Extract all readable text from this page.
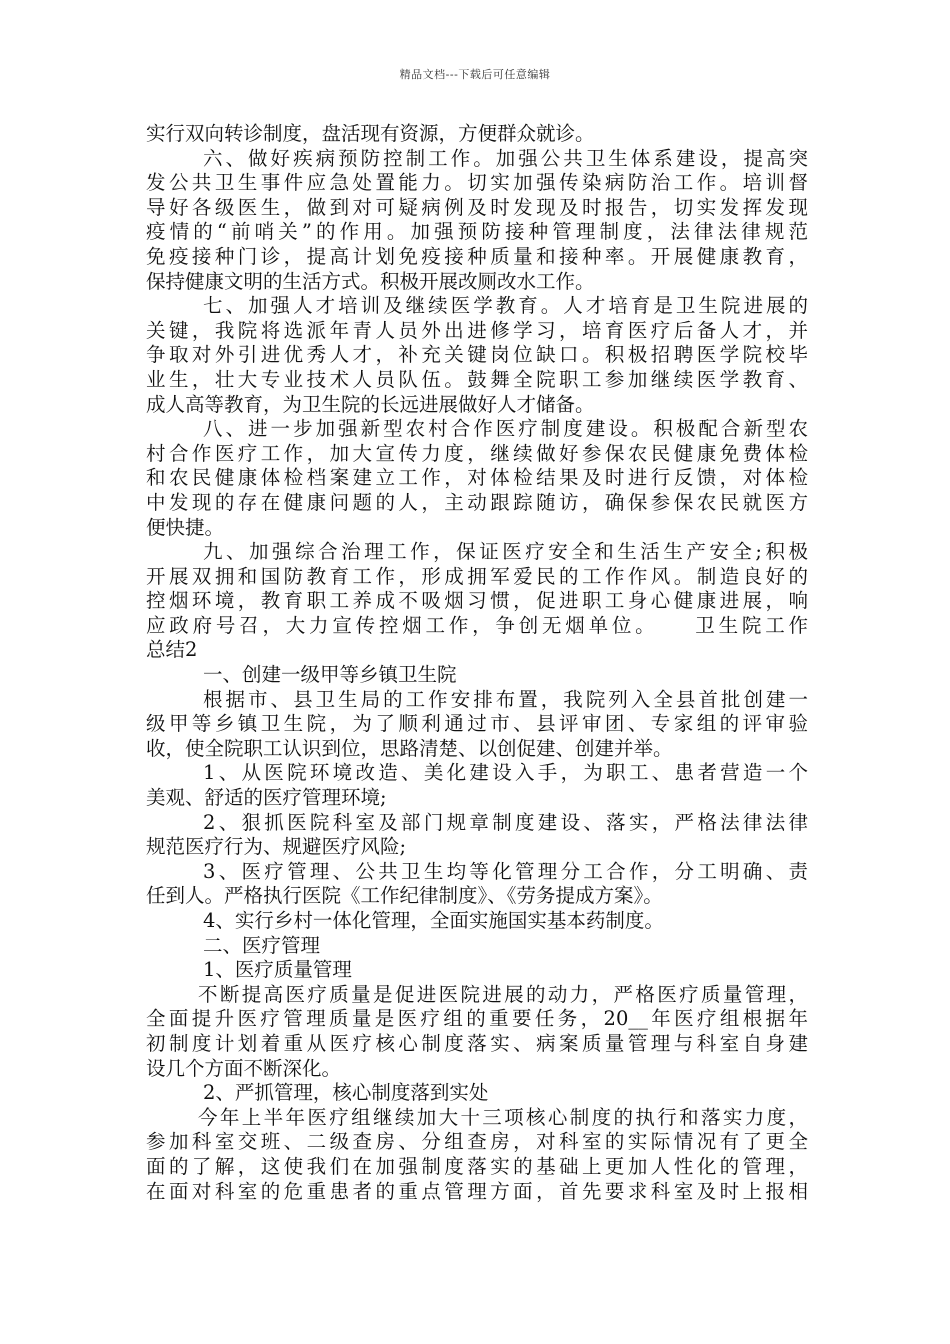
精品文档---下载后可任意编辑
实行双向转诊制度，盘活现有资源，方便群众就诊。
六、做好疾病预防控制工作。加强公共卫生体系建设，提高突
发公共卫生事件应急处置能力。切实加强传染病防治工作。培训督
导好各级医生，做到对可疑病例及时发现及时报告，切实发挥发现
疫情的“前哨关”的作用。加强预防接种管理制度，法律法律规范
免疫接种门诊，提高计划免疫接种质量和接种率。开展健康教育，
保持健康文明的生活方式。积极开展改厕改水工作。
七、加强人才培训及继续医学教育。人才培育是卫生院进展的
关键，我院将选派年青人员外出进修学习，培育医疗后备人才，并
争取对外引进优秀人才，补充关键岗位缺口。积极招聘医学院校毕
业生，壮大专业技术人员队伍。鼓舞全院职工参加继续医学教育、
成人高等教育，为卫生院的长远进展做好人才储备。
八、进一步加强新型农村合作医疗制度建设。积极配合新型农
村合作医疗工作，加大宣传力度，继续做好参保农民健康免费体检
和农民健康体检档案建立工作，对体检结果及时进行反馈，对体检
中发现的存在健康问题的人，主动跟踪随访，确保参保农民就医方
便快捷。
九、加强综合治理工作，保证医疗安全和生活生产安全;积极
开展双拥和国防教育工作，形成拥军爱民的工作作风。制造良好的
控烟环境，教育职工养成不吸烟习惯，促进职工身心健康进展，响
应政府号召，大力宣传控烟工作，争创无烟单位。　　卫生院工作
总结2
一、创建一级甲等乡镇卫生院
根据市、县卫生局的工作安排布置，我院列入全县首批创建一
级甲等乡镇卫生院，为了顺利通过市、县评审团、专家组的评审验
收，使全院职工认识到位，思路清楚、以创促建、创建并举。
1、从医院环境改造、美化建设入手，为职工、患者营造一个
美观、舒适的医疗管理环境;
2、狠抓医院科室及部门规章制度建设、落实，严格法律法律
规范医疗行为、规避医疗风险;
3、医疗管理、公共卫生均等化管理分工合作，分工明确、责
任到人。严格执行医院《工作纪律制度》、《劳务提成方案》。
4、实行乡村一体化管理，全面实施国实基本药制度。
二、医疗管理
1、医疗质量管理
不断提高医疗质量是促进医院进展的动力，严格医疗质量管理，
全面提升医疗管理质量是医疗组的重要任务，20__年医疗组根据年
初制度计划着重从医疗核心制度落实、病案质量管理与科室自身建
设几个方面不断深化。
2、严抓管理，核心制度落到实处
今年上半年医疗组继续加大十三项核心制度的执行和落实力度，
参加科室交班、二级查房、分组查房，对科室的实际情况有了更全
面的了解，这使我们在加强制度落实的基础上更加人性化的管理，
在面对科室的危重患者的重点管理方面，首先要求科室及时上报相
